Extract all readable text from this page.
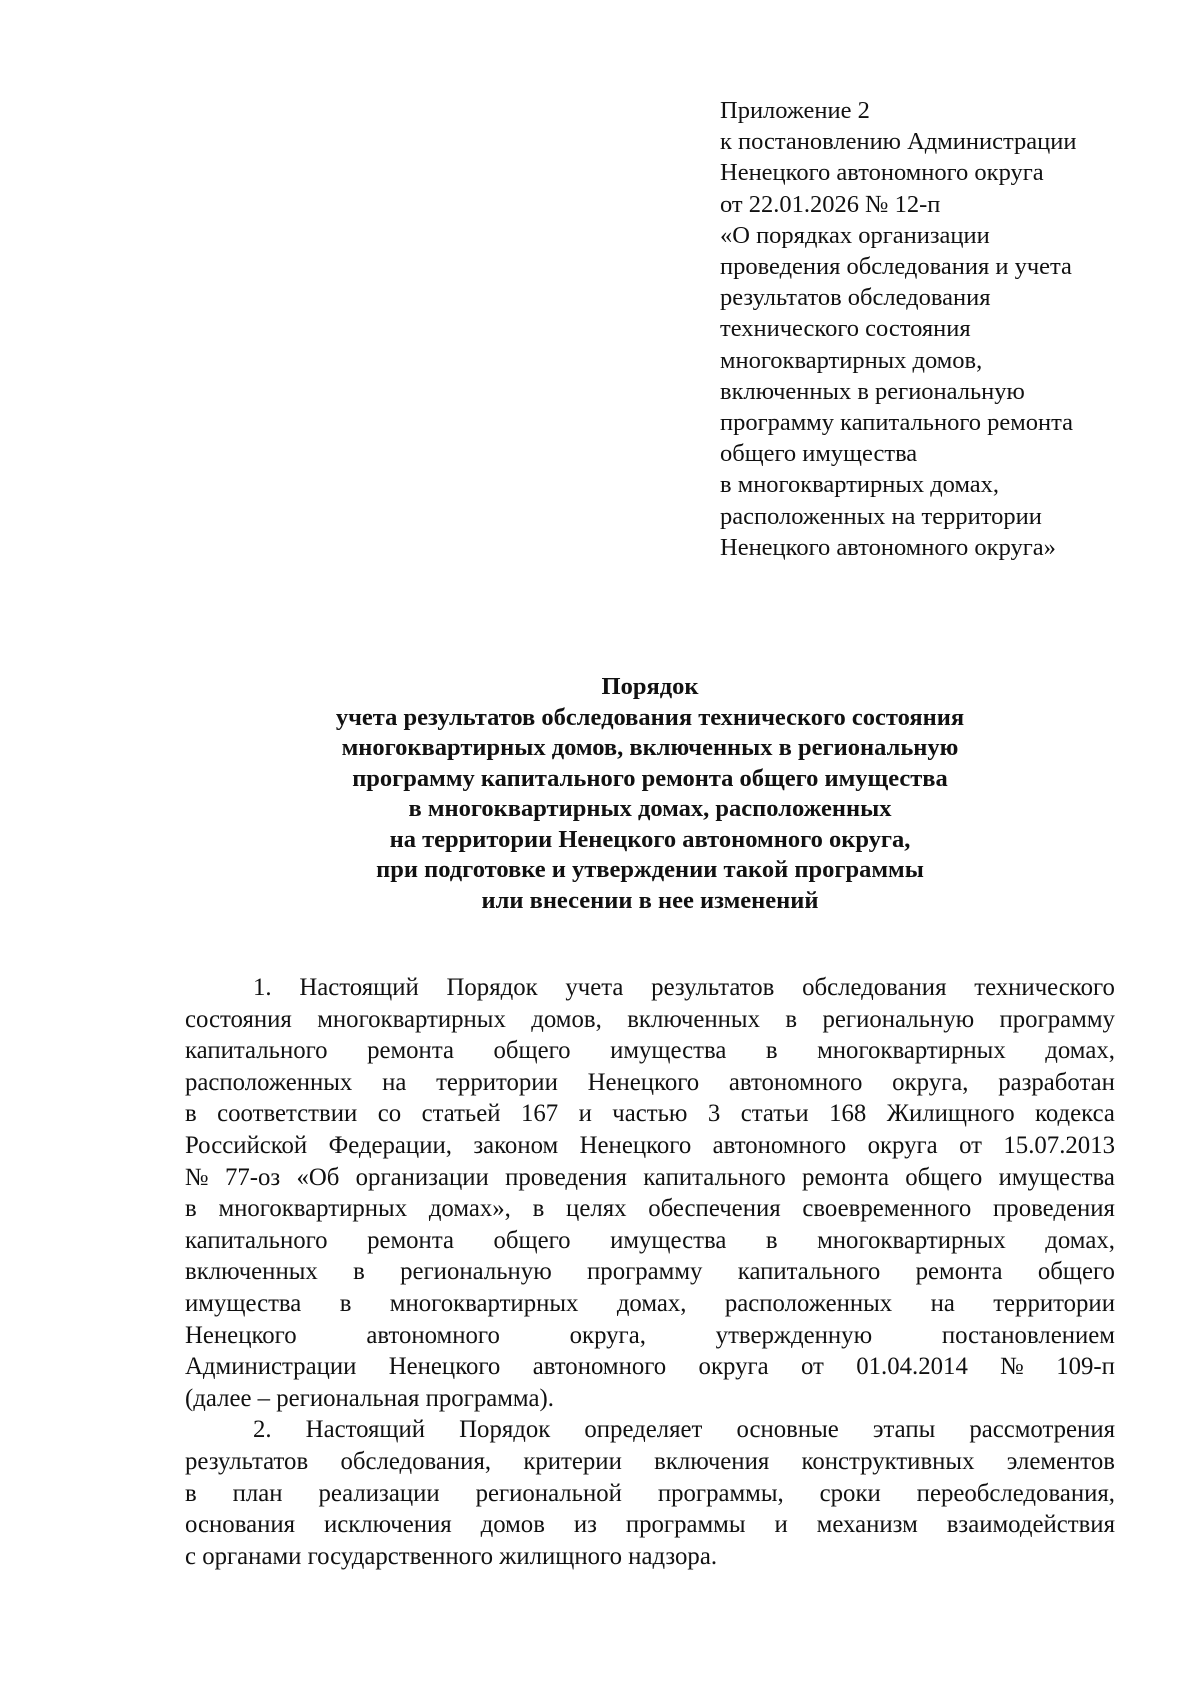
Приложение 2
к постановлению Администрации
Ненецкого автономного округа
от 22.01.2026 № 12-п
«О порядках организации
проведения обследования и учета
результатов обследования
технического состояния
многоквартирных домов,
включенных в региональную
программу капитального ремонта
общего имущества
в многоквартирных домах,
расположенных на территории
Ненецкого автономного округа»
Порядок
учета результатов обследования технического состояния
многоквартирных домов, включенных в региональную
программу капитального ремонта общего имущества
в многоквартирных домах, расположенных
на территории Ненецкого автономного округа,
при подготовке и утверждении такой программы
или внесении в нее изменений
1. Настоящий Порядок учета результатов обследования технического
состояния многоквартирных домов, включенных в региональную программу
капитального ремонта общего имущества в многоквартирных домах,
расположенных на территории Ненецкого автономного округа, разработан
в соответствии со статьей 167 и частью 3 статьи 168 Жилищного кодекса
Российской Федерации, законом Ненецкого автономного округа от 15.07.2013
№ 77-оз «Об организации проведения капитального ремонта общего имущества
в многоквартирных домах», в целях обеспечения своевременного проведения
капитального ремонта общего имущества в многоквартирных домах,
включенных в региональную программу капитального ремонта общего
имущества в многоквартирных домах, расположенных на территории
Ненецкого	автономного	округа,	утвержденную	постановлением
Администрации Ненецкого автономного округа от 01.04.2014 № 109-п
(далее – региональная программа).
2. Настоящий Порядок определяет основные этапы рассмотрения
результатов обследования, критерии включения конструктивных элементов
в план реализации региональной программы, сроки переобследования,
основания исключения домов из программы и механизм взаимодействия
с органами государственного жилищного надзора.
